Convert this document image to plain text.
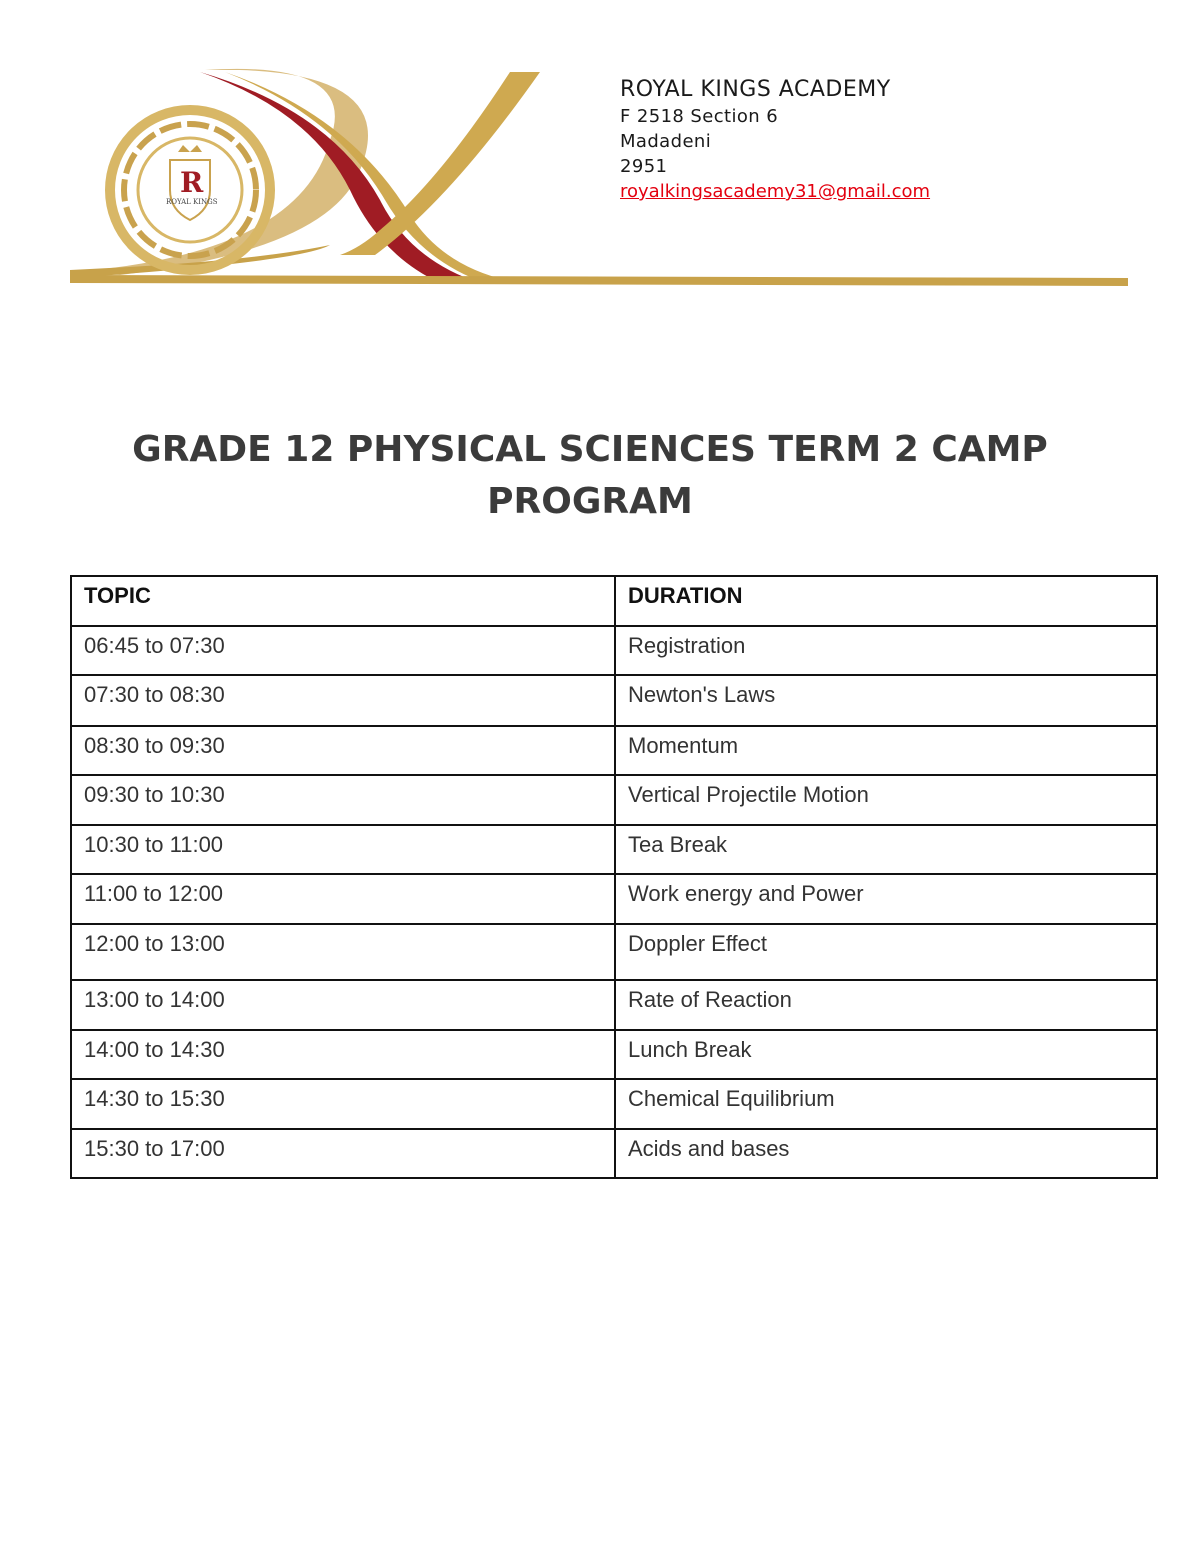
R
ROYAL KINGS
ROYAL KINGS ACADEMY
F 2518 Section 6
Madadeni
2951
royalkingsacademy31@gmail.com
GRADE 12 PHYSICAL SCIENCES TERM 2 CAMP PROGRAM
TOPIC	DURATION
06:45 to 07:30	Registration
07:30 to 08:30	Newton's Laws
08:30 to 09:30	Momentum
09:30 to 10:30	Vertical Projectile Motion
10:30 to 11:00	Tea Break
11:00 to 12:00	Work energy and Power
12:00 to 13:00	Doppler Effect
13:00 to 14:00	Rate of Reaction
14:00 to 14:30	Lunch Break
14:30 to 15:30	Chemical Equilibrium
15:30 to 17:00	Acids and bases
